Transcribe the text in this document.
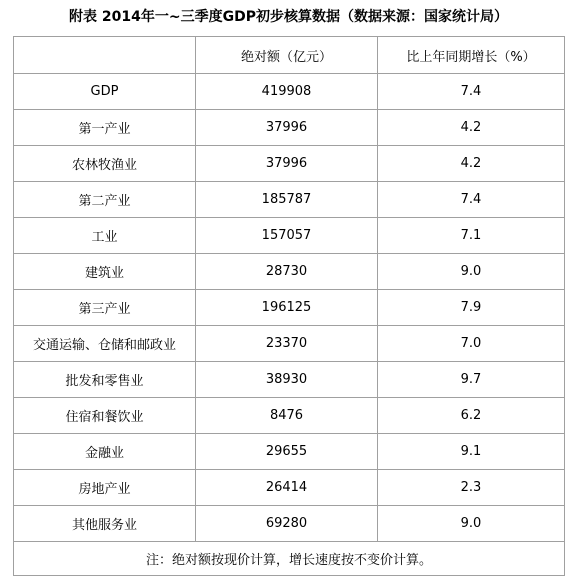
附表 2014年一~三季度GDP初步核算数据（数据来源：国家统计局）
	绝对额（亿元）	比上年同期增长（%）
GDP	419908	7.4
第一产业	37996	4.2
农林牧渔业	37996	4.2
第二产业	185787	7.4
工业	157057	7.1
建筑业	28730	9.0
第三产业	196125	7.9
交通运输、仓储和邮政业	23370	7.0
批发和零售业	38930	9.7
住宿和餐饮业	8476	6.2
金融业	29655	9.1
房地产业	26414	2.3
其他服务业	69280	9.0
注：绝对额按现价计算，增长速度按不变价计算。		
